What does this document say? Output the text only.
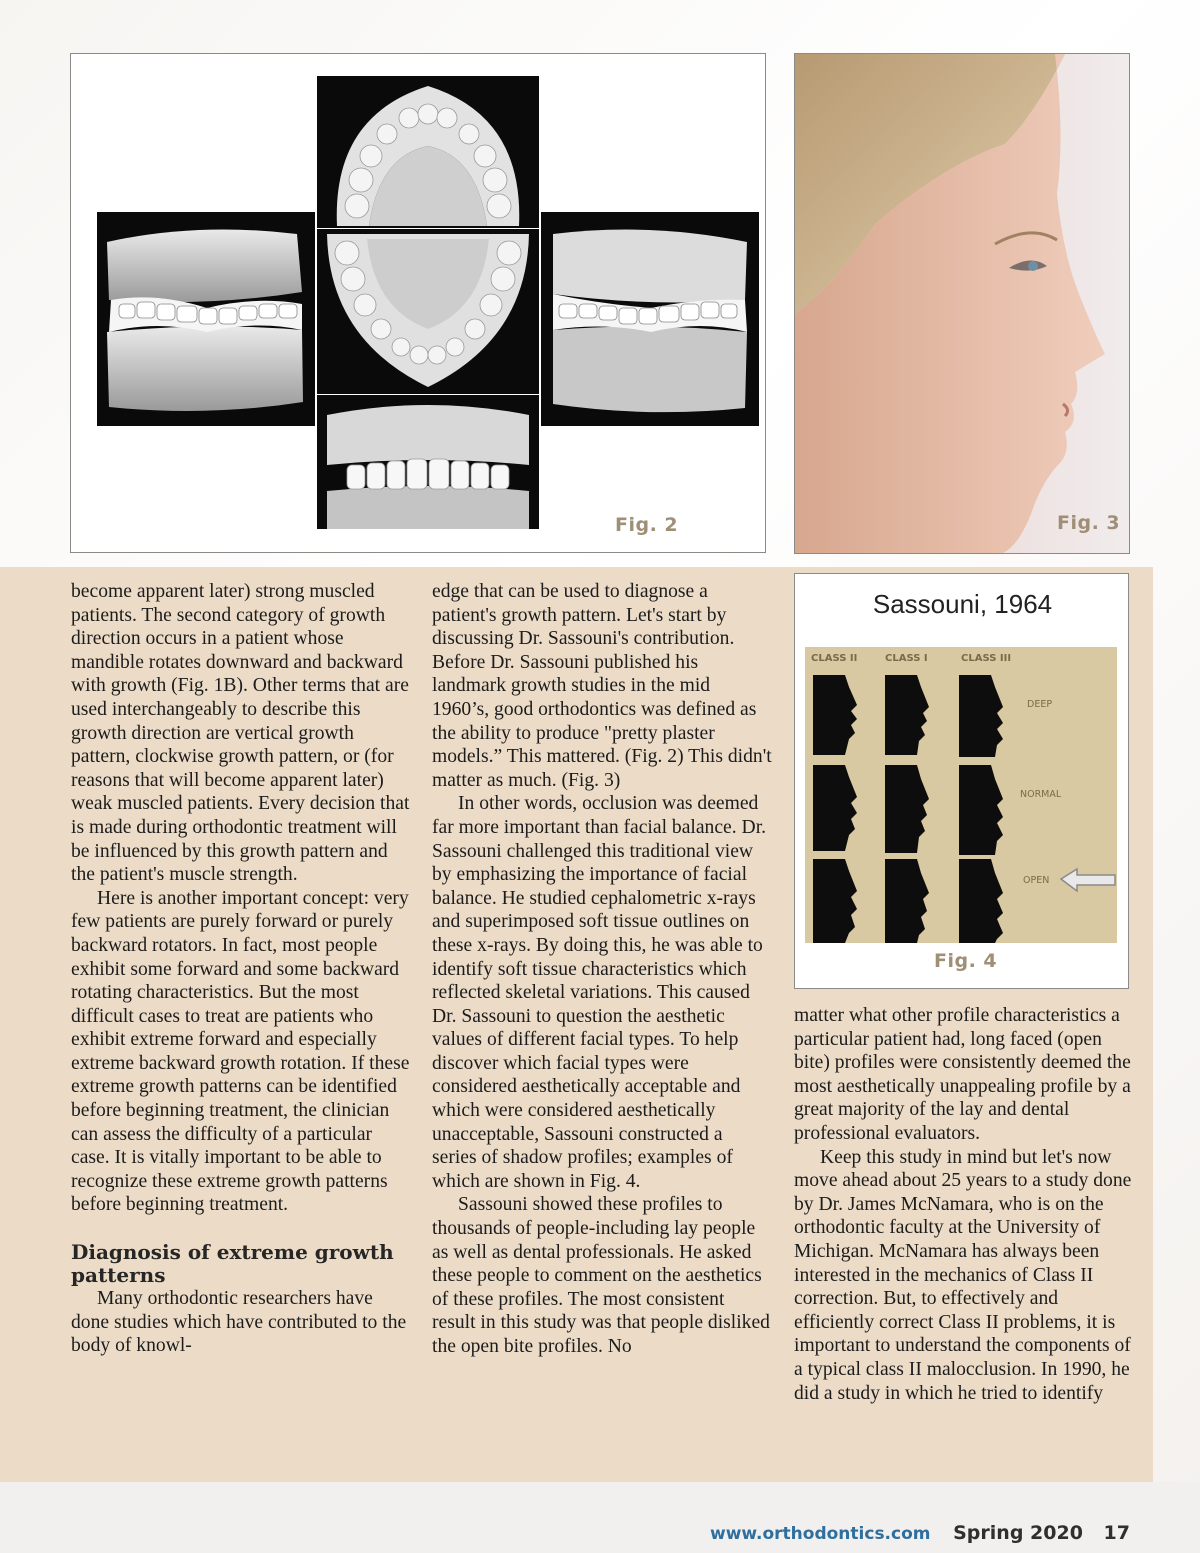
Fig. 2	Fig. 3
Sassouni, 1964
CLASS II	CLASS I	CLASS III
DEEP
NORMAL
OPEN
Fig. 4

become apparent later) strong muscled patients. The second category of growth direction occurs in a patient whose mandible rotates downward and backward with growth (Fig. 1B). Other terms that are used interchangeably to describe this growth direction are vertical growth pattern, clockwise growth pattern, or (for reasons that will become apparent later) weak muscled patients. Every decision that is made during orthodontic treatment will be influenced by this growth pattern and the patient's muscle strength.

Here is another important concept: very few patients are purely forward or purely backward rotators. In fact, most people exhibit some forward and some backward rotating characteristics. But the most difficult cases to treat are patients who exhibit extreme forward and especially extreme backward growth rotation. If these extreme growth patterns can be identified before beginning treatment, the clinician can assess the difficulty of a particular case. It is vitally important to be able to recognize these extreme growth patterns before beginning treatment.

Diagnosis of extreme growth patterns

Many orthodontic researchers have done studies which have contributed to the body of knowl-

edge that can be used to diagnose a patient's growth pattern. Let's start by discussing Dr. Sassouni's contribution. Before Dr. Sassouni published his landmark growth studies in the mid 1960’s, good orthodontics was defined as the ability to produce "pretty plaster models.” This mattered. (Fig. 2) This didn't matter as much. (Fig. 3)

In other words, occlusion was deemed far more important than facial balance. Dr. Sassouni challenged this traditional view by emphasizing the importance of facial balance. He studied cephalometric x-rays and superimposed soft tissue outlines on these x-rays. By doing this, he was able to identify soft tissue characteristics which reflected skeletal variations. This caused Dr. Sassouni to question the aesthetic values of different facial types. To help discover which facial types were considered aesthetically acceptable and which were considered aesthetically unacceptable, Sassouni constructed a series of shadow profiles; examples of which are shown in Fig. 4.

Sassouni showed these profiles to thousands of people-including lay people as well as dental professionals. He asked these people to comment on the aesthetics of these profiles. The most consistent result in this study was that people disliked the open bite profiles. No

matter what other profile characteristics a particular patient had, long faced (open bite) profiles were consistently deemed the most aesthetically unappealing profile by a great majority of the lay and dental professional evaluators.

Keep this study in mind but let's now move ahead about 25 years to a study done by Dr. James McNamara, who is on the orthodontic faculty at the University of Michigan. McNamara has always been interested in the mechanics of Class II correction. But, to effectively and efficiently correct Class II problems, it is important to understand the components of a typical class II malocclusion. In 1990, he did a study in which he tried to identify

www.orthodontics.com Spring 2020 17
